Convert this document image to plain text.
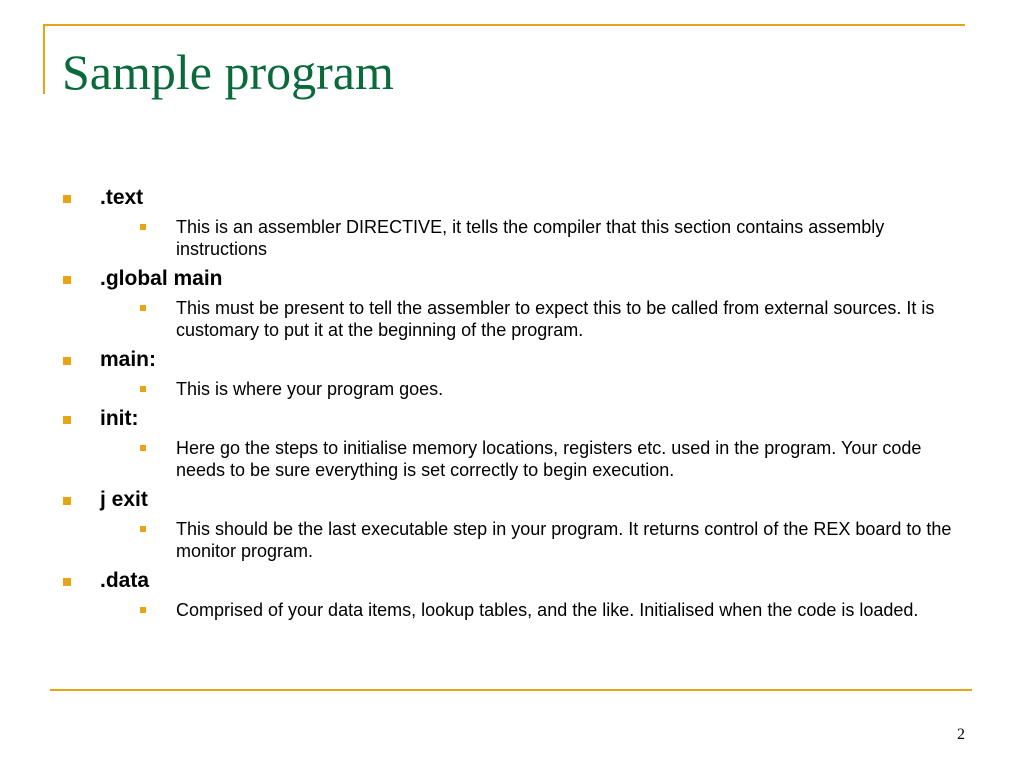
Sample program
.text
This is an assembler DIRECTIVE, it tells the compiler that this section contains assembly instructions
.global main
This must be present to tell the assembler to expect this to be called from external sources. It is customary to put it at the beginning of the program.
main:
This is where your program goes.
init:
Here go the steps to initialise memory locations, registers etc. used in the program. Your code needs to be sure everything is set correctly to begin execution.
j exit
This should be the last executable step in your program. It returns control of the REX board to the monitor program.
.data
Comprised of your data items, lookup tables, and the like. Initialised when the code is loaded.
2
